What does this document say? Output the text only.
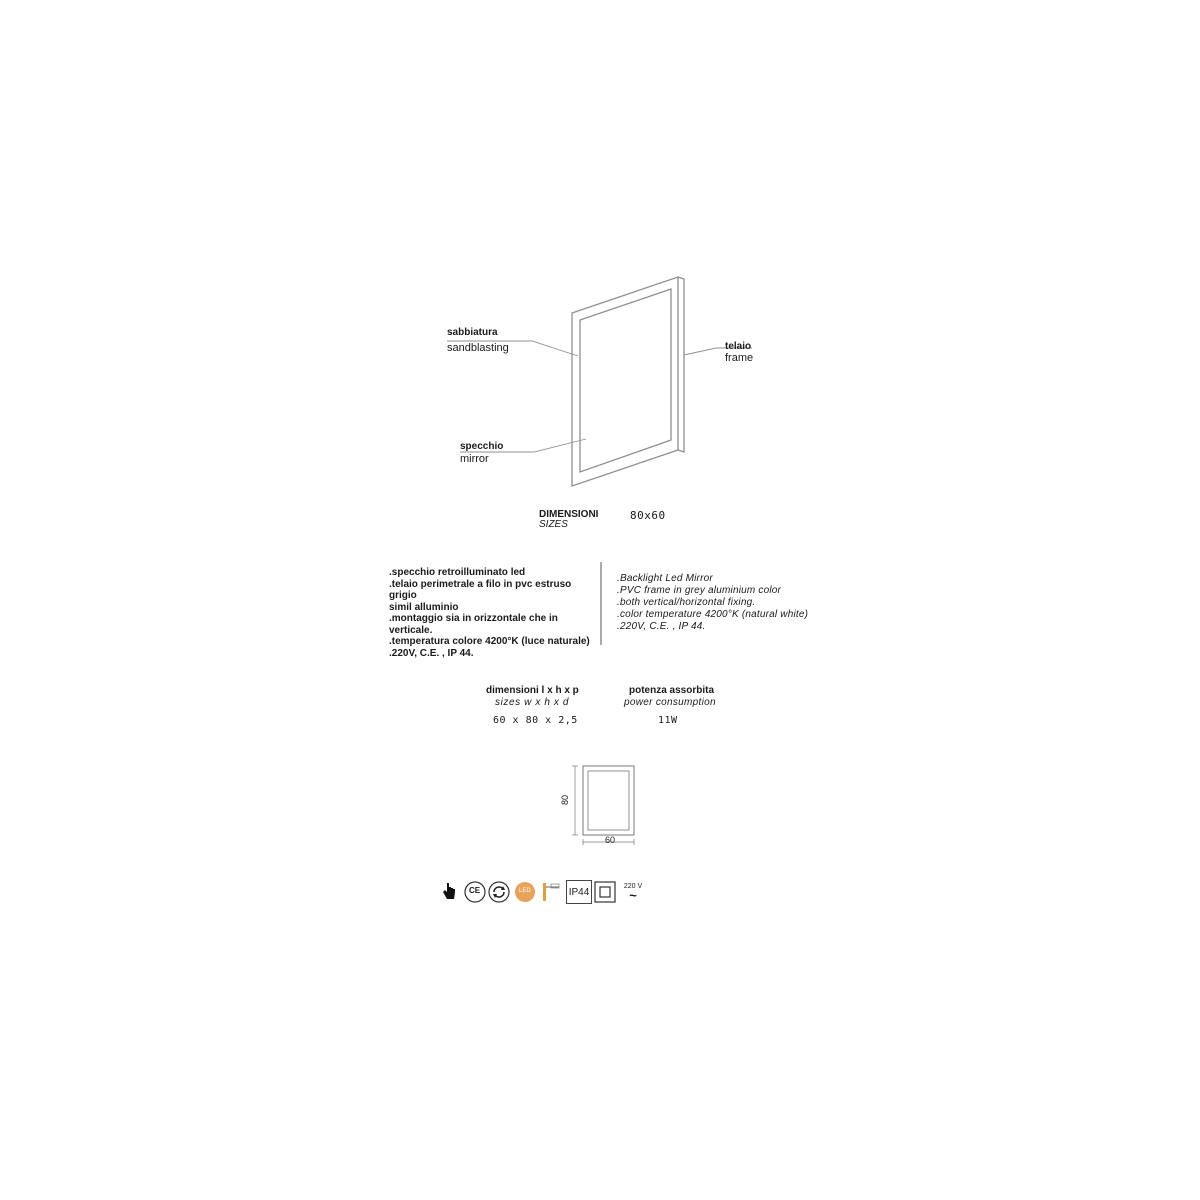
sabbiatura
sandblasting	telaio
frame
specchio
mirror
DIMENSIONI
SIZES
80x60
.specchio retroilluminato led
.telaio perimetrale a filo in pvc estruso grigio
simil alluminio
.montaggio sia in orizzontale che in verticale.
.temperatura colore 4200°K (luce naturale)
.220V, C.E. , IP 44.
.Backlight Led Mirror
.PVC frame in grey aluminium color
.both vertical/horizontal fixing.
.color temperature 4200°K (natural white)
.220V, C.E. , IP 44.
dimensioni l x h x p
sizes w x h x d
60 x 80 x 2,5
potenza assorbita
power consumption
11W
80
60
CE	LED	IP44	220 V
~
